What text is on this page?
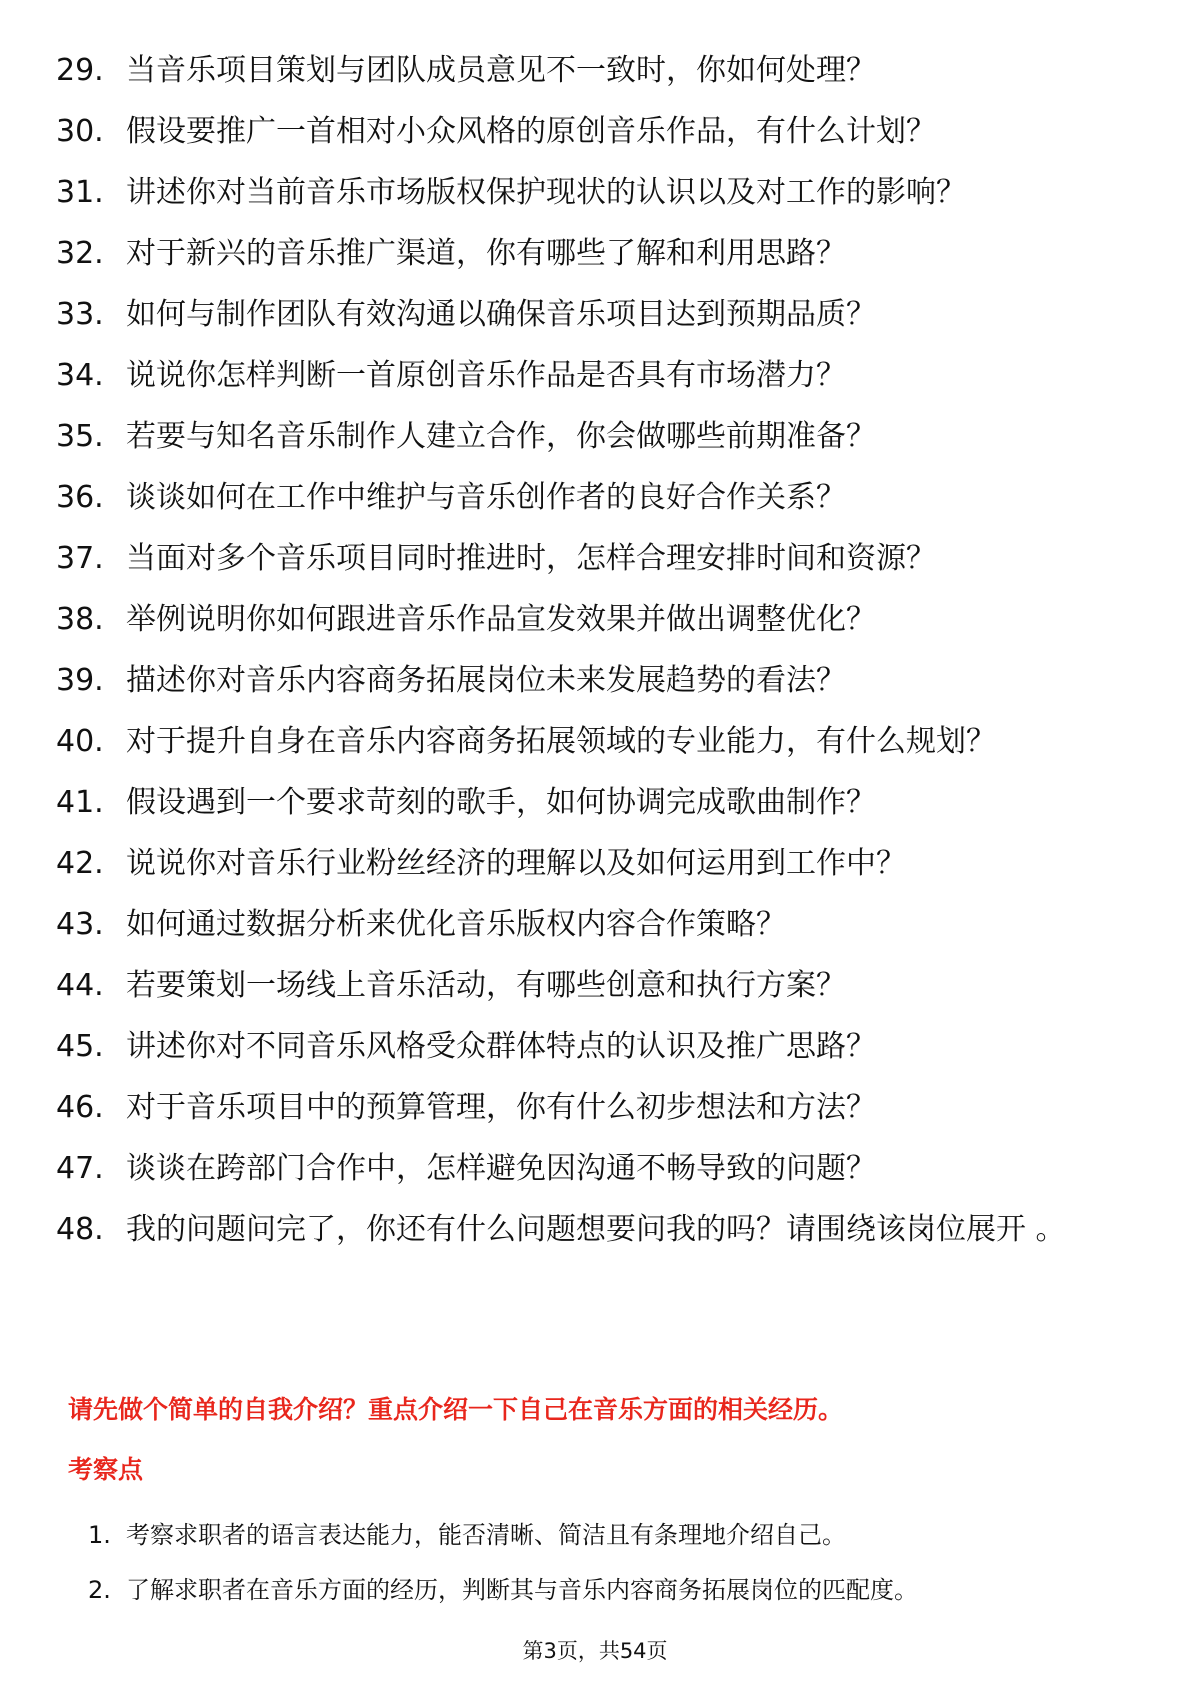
29. 当音乐项目策划与团队成员意见不一致时，你如何处理？
30. 假设要推广一首相对小众风格的原创音乐作品，有什么计划？
31. 讲述你对当前音乐市场版权保护现状的认识以及对工作的影响？
32. 对于新兴的音乐推广渠道，你有哪些了解和利用思路？
33. 如何与制作团队有效沟通以确保音乐项目达到预期品质？
34. 说说你怎样判断一首原创音乐作品是否具有市场潜力？
35. 若要与知名音乐制作人建立合作，你会做哪些前期准备？
36. 谈谈如何在工作中维护与音乐创作者的良好合作关系？
37. 当面对多个音乐项目同时推进时，怎样合理安排时间和资源？
38. 举例说明你如何跟进音乐作品宣发效果并做出调整优化？
39. 描述你对音乐内容商务拓展岗位未来发展趋势的看法？
40. 对于提升自身在音乐内容商务拓展领域的专业能力，有什么规划？
41. 假设遇到一个要求苛刻的歌手，如何协调完成歌曲制作？
42. 说说你对音乐行业粉丝经济的理解以及如何运用到工作中？
43. 如何通过数据分析来优化音乐版权内容合作策略？
44. 若要策划一场线上音乐活动，有哪些创意和执行方案？
45. 讲述你对不同音乐风格受众群体特点的认识及推广思路？
46. 对于音乐项目中的预算管理，你有什么初步想法和方法？
47. 谈谈在跨部门合作中，怎样避免因沟通不畅导致的问题？
48. 我的问题问完了，你还有什么问题想要问我的吗？请围绕该岗位展开 。
请先做个简单的自我介绍？重点介绍一下自己在音乐方面的相关经历。
考察点
1. 考察求职者的语言表达能力，能否清晰、简洁且有条理地介绍自己。
2. 了解求职者在音乐方面的经历，判断其与音乐内容商务拓展岗位的匹配度。
第3页，共54页
